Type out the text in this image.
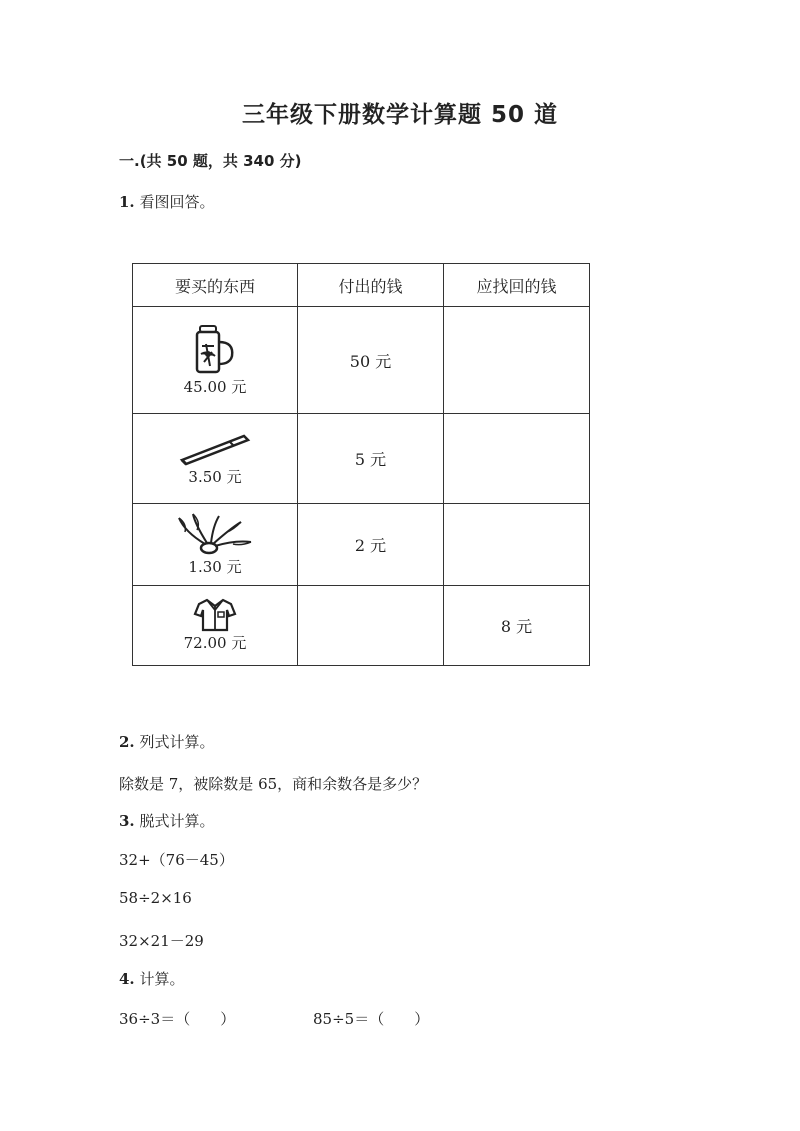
三年级下册数学计算题 50 道
一.(共 50 题，共 340 分)
1. 看图回答。
要买的东西	付出的钱	应找回的钱

45.00 元	50 元	

3.50 元	5 元	

1.30 元	2 元	

72.00 元		8 元
2. 列式计算。
除数是 7，被除数是 65，商和余数各是多少？
3. 脱式计算。
32+（76－45）
58÷2×16
32×21－29
4. 计算。
36÷3＝（　　）	85÷5＝（　　）
